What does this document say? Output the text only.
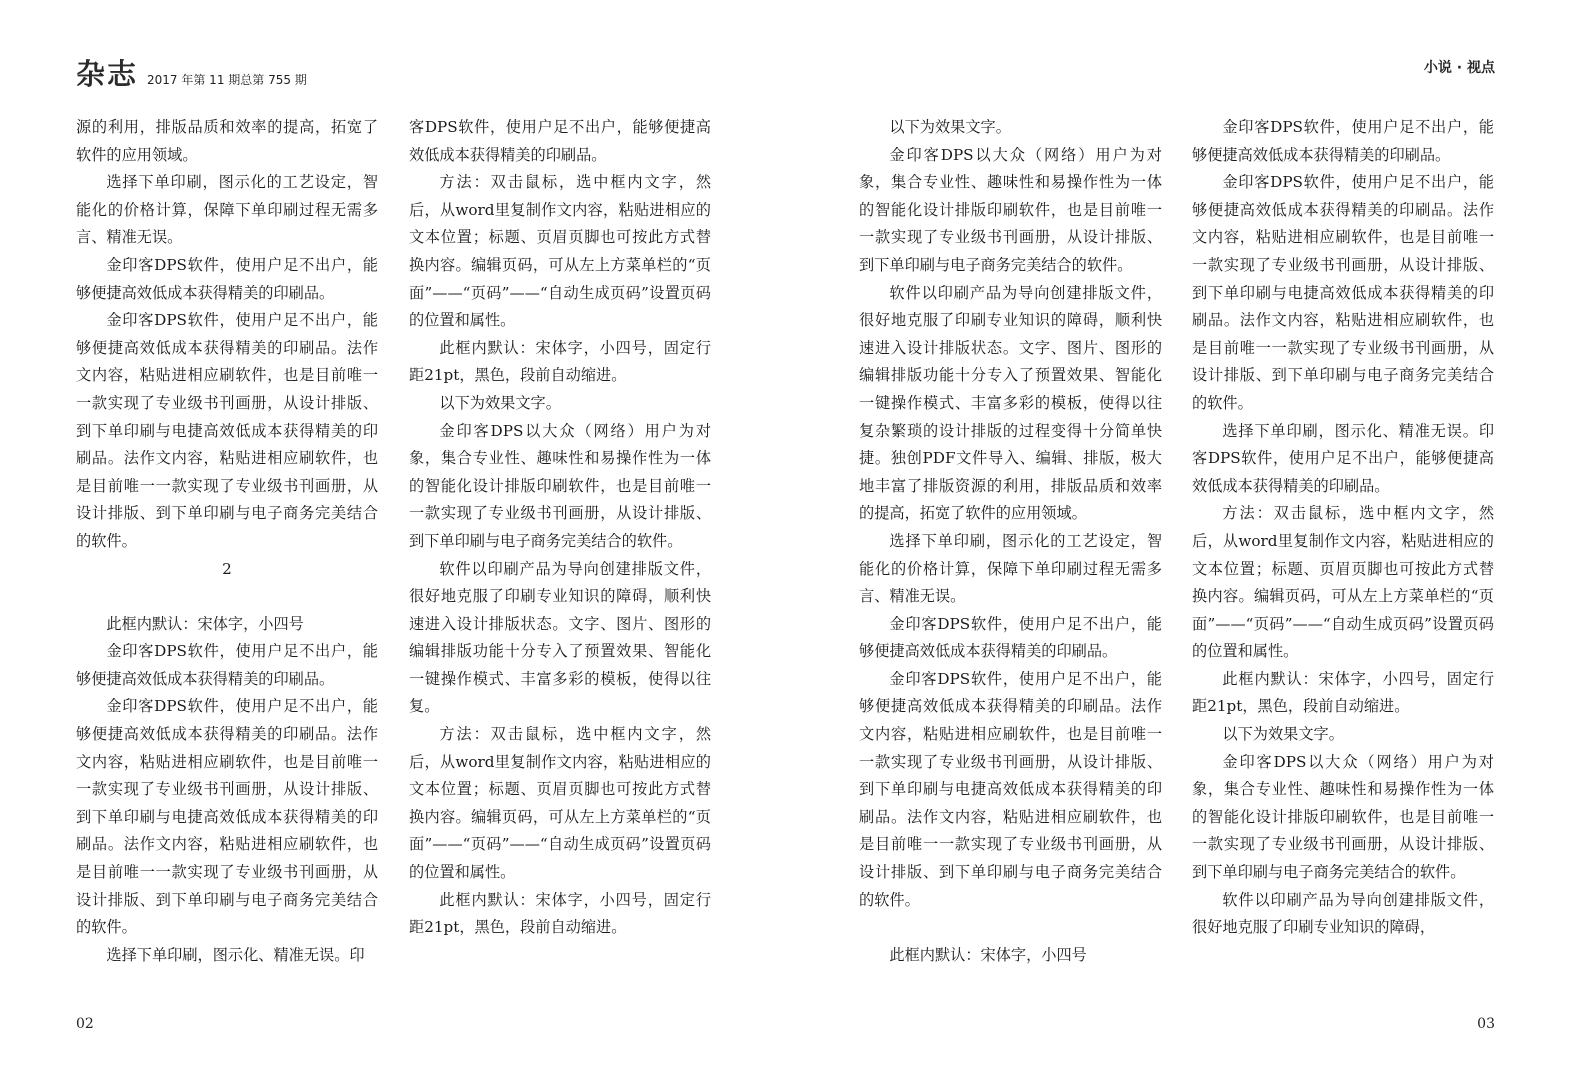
杂志 2017 年第 11 期总第 755 期
小说 · 视点

源的利用，排版品质和效率的提高，拓宽了软件的应用领域。

选择下单印刷，图示化的工艺设定，智能化的价格计算，保障下单印刷过程无需多言、精准无误。

金印客DPS软件，使用户足不出户，能够便捷高效低成本获得精美的印刷品。

金印客DPS软件，使用户足不出户，能够便捷高效低成本获得精美的印刷品。法作文内容，粘贴进相应刷软件，也是目前唯一一款实现了专业级书刊画册，从设计排版、到下单印刷与电捷高效低成本获得精美的印刷品。法作文内容，粘贴进相应刷软件，也是目前唯一一款实现了专业级书刊画册，从设计排版、到下单印刷与电子商务完美结合的软件。

2

此框内默认：宋体字，小四号

金印客DPS软件，使用户足不出户，能够便捷高效低成本获得精美的印刷品。

金印客DPS软件，使用户足不出户，能够便捷高效低成本获得精美的印刷品。法作文内容，粘贴进相应刷软件，也是目前唯一一款实现了专业级书刊画册，从设计排版、到下单印刷与电捷高效低成本获得精美的印刷品。法作文内容，粘贴进相应刷软件，也是目前唯一一款实现了专业级书刊画册，从设计排版、到下单印刷与电子商务完美结合的软件。

选择下单印刷，图示化、精准无误。印

客DPS软件，使用户足不出户，能够便捷高效低成本获得精美的印刷品。

方法：双击鼠标，选中框内文字，然后，从word里复制作文内容，粘贴进相应的文本位置；标题、页眉页脚也可按此方式替换内容。编辑页码，可从左上方菜单栏的“页面”——“页码”——“自动生成页码”设置页码的位置和属性。

此框内默认：宋体字，小四号，固定行距21pt，黑色，段前自动缩进。

以下为效果文字。

金印客DPS以大众（网络）用户为对象，集合专业性、趣味性和易操作性为一体的智能化设计排版印刷软件，也是目前唯一一款实现了专业级书刊画册，从设计排版、到下单印刷与电子商务完美结合的软件。

软件以印刷产品为导向创建排版文件，很好地克服了印刷专业知识的障碍，顺利快速进入设计排版状态。文字、图片、图形的编辑排版功能十分专入了预置效果、智能化一键操作模式、丰富多彩的模板，使得以往复。

方法：双击鼠标，选中框内文字，然后，从word里复制作文内容，粘贴进相应的文本位置；标题、页眉页脚也可按此方式替换内容。编辑页码，可从左上方菜单栏的“页面”——“页码”——“自动生成页码”设置页码的位置和属性。

此框内默认：宋体字，小四号，固定行距21pt，黑色，段前自动缩进。

以下为效果文字。

金印客DPS以大众（网络）用户为对象，集合专业性、趣味性和易操作性为一体的智能化设计排版印刷软件，也是目前唯一一款实现了专业级书刊画册，从设计排版、到下单印刷与电子商务完美结合的软件。

软件以印刷产品为导向创建排版文件，很好地克服了印刷专业知识的障碍，顺利快速进入设计排版状态。文字、图片、图形的编辑排版功能十分专入了预置效果、智能化一键操作模式、丰富多彩的模板，使得以往复杂繁琐的设计排版的过程变得十分简单快捷。独创PDF文件导入、编辑、排版，极大地丰富了排版资源的利用，排版品质和效率的提高，拓宽了软件的应用领域。

选择下单印刷，图示化的工艺设定，智能化的价格计算，保障下单印刷过程无需多言、精准无误。

金印客DPS软件，使用户足不出户，能够便捷高效低成本获得精美的印刷品。

金印客DPS软件，使用户足不出户，能够便捷高效低成本获得精美的印刷品。法作文内容，粘贴进相应刷软件，也是目前唯一一款实现了专业级书刊画册，从设计排版、到下单印刷与电捷高效低成本获得精美的印刷品。法作文内容，粘贴进相应刷软件，也是目前唯一一款实现了专业级书刊画册，从设计排版、到下单印刷与电子商务完美结合的软件。

此框内默认：宋体字，小四号

金印客DPS软件，使用户足不出户，能够便捷高效低成本获得精美的印刷品。

金印客DPS软件，使用户足不出户，能够便捷高效低成本获得精美的印刷品。法作文内容，粘贴进相应刷软件，也是目前唯一一款实现了专业级书刊画册，从设计排版、到下单印刷与电捷高效低成本获得精美的印刷品。法作文内容，粘贴进相应刷软件，也是目前唯一一款实现了专业级书刊画册，从设计排版、到下单印刷与电子商务完美结合的软件。

选择下单印刷，图示化、精准无误。印客DPS软件，使用户足不出户，能够便捷高效低成本获得精美的印刷品。

方法：双击鼠标，选中框内文字，然后，从word里复制作文内容，粘贴进相应的文本位置；标题、页眉页脚也可按此方式替换内容。编辑页码，可从左上方菜单栏的“页面”——“页码”——“自动生成页码”设置页码的位置和属性。

此框内默认：宋体字，小四号，固定行距21pt，黑色，段前自动缩进。

以下为效果文字。

金印客DPS以大众（网络）用户为对象，集合专业性、趣味性和易操作性为一体的智能化设计排版印刷软件，也是目前唯一一款实现了专业级书刊画册，从设计排版、到下单印刷与电子商务完美结合的软件。

软件以印刷产品为导向创建排版文件，很好地克服了印刷专业知识的障碍，

02	03
